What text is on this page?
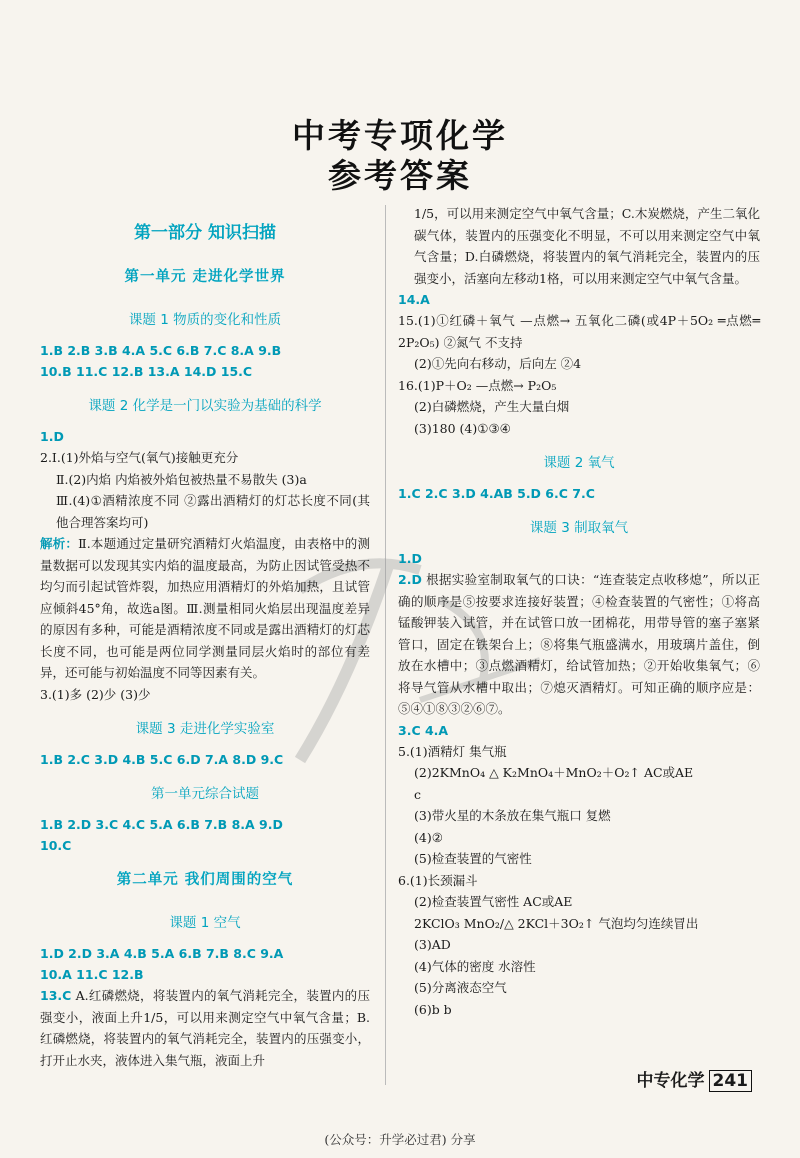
中考专项化学
参考答案
第一部分 知识扫描
第一单元 走进化学世界
课题 1 物质的变化和性质
1.B 2.B 3.B 4.A 5.C 6.B 7.C 8.A 9.B
10.B 11.C 12.B 13.A 14.D 15.C
课题 2 化学是一门以实验为基础的科学
1.D
2.Ⅰ.(1)外焰与空气(氧气)接触更充分
Ⅱ.(2)内焰 内焰被外焰包被热量不易散失 (3)a
Ⅲ.(4)①酒精浓度不同 ②露出酒精灯的灯芯长度不同(其他合理答案均可)
解析：Ⅱ.本题通过定量研究酒精灯火焰温度，由表格中的测量数据可以发现其实内焰的温度最高，为防止因试管受热不均匀而引起试管炸裂，加热应用酒精灯的外焰加热，且试管应倾斜45°角，故选a图。Ⅲ.测量相同火焰层出现温度差异的原因有多种，可能是酒精浓度不同或是露出酒精灯的灯芯长度不同，也可能是两位同学测量同层火焰时的部位有差异，还可能与初始温度不同等因素有关。
3.(1)多 (2)少 (3)少
课题 3 走进化学实验室
1.B 2.C 3.D 4.B 5.C 6.D 7.A 8.D 9.C
第一单元综合试题
1.B 2.D 3.C 4.C 5.A 6.B 7.B 8.A 9.D
10.C
第二单元 我们周围的空气
课题 1 空气
1.D 2.D 3.A 4.B 5.A 6.B 7.B 8.C 9.A
10.A 11.C 12.B
13.C A.红磷燃烧，将装置内的氧气消耗完全，装置内的压强变小，液面上升1/5，可以用来测定空气中氧气含量；B.红磷燃烧，将装置内的氧气消耗完全，装置内的压强变小，打开止水夹，液体进入集气瓶，液面上升
1/5，可以用来测定空气中氧气含量；C.木炭燃烧，产生二氧化碳气体，装置内的压强变化不明显，不可以用来测定空气中氧气含量；D.白磷燃烧，将装置内的氧气消耗完全，装置内的压强变小，活塞向左移动1格，可以用来测定空气中氧气含量。
14.A
15.(1)①红磷＋氧气 —点燃→ 五氧化二磷(或4P＋5O₂ ═点燃═ 2P₂O₅) ②氮气 不支持
(2)①先向右移动，后向左 ②4
16.(1)P＋O₂ —点燃→ P₂O₅
(2)白磷燃烧，产生大量白烟
(3)180 (4)①③④
课题 2 氧气
1.C 2.C 3.D 4.AB 5.D 6.C 7.C
课题 3 制取氧气
1.D
2.D 根据实验室制取氧气的口诀：“连查装定点收移熄”，所以正确的顺序是⑤按要求连接好装置；④检查装置的气密性；①将高锰酸钾装入试管，并在试管口放一团棉花，用带导管的塞子塞紧管口，固定在铁架台上；⑧将集气瓶盛满水，用玻璃片盖住，倒放在水槽中；③点燃酒精灯，给试管加热；②开始收集氧气；⑥将导气管从水槽中取出；⑦熄灭酒精灯。可知正确的顺序应是：⑤④①⑧③②⑥⑦。
3.C 4.A
5.(1)酒精灯 集气瓶
(2)2KMnO₄ △ K₂MnO₄＋MnO₂＋O₂↑ AC或AE
c
(3)带火星的木条放在集气瓶口 复燃
(4)②
(5)检查装置的气密性
6.(1)长颈漏斗
(2)检查装置气密性 AC或AE
2KClO₃ MnO₂/△ 2KCl＋3O₂↑ 气泡均匀连续冒出
(3)AD
(4)气体的密度 水溶性
(5)分离液态空气
(6)b b
中专化学 241
(公众号：升学必过君) 分享
